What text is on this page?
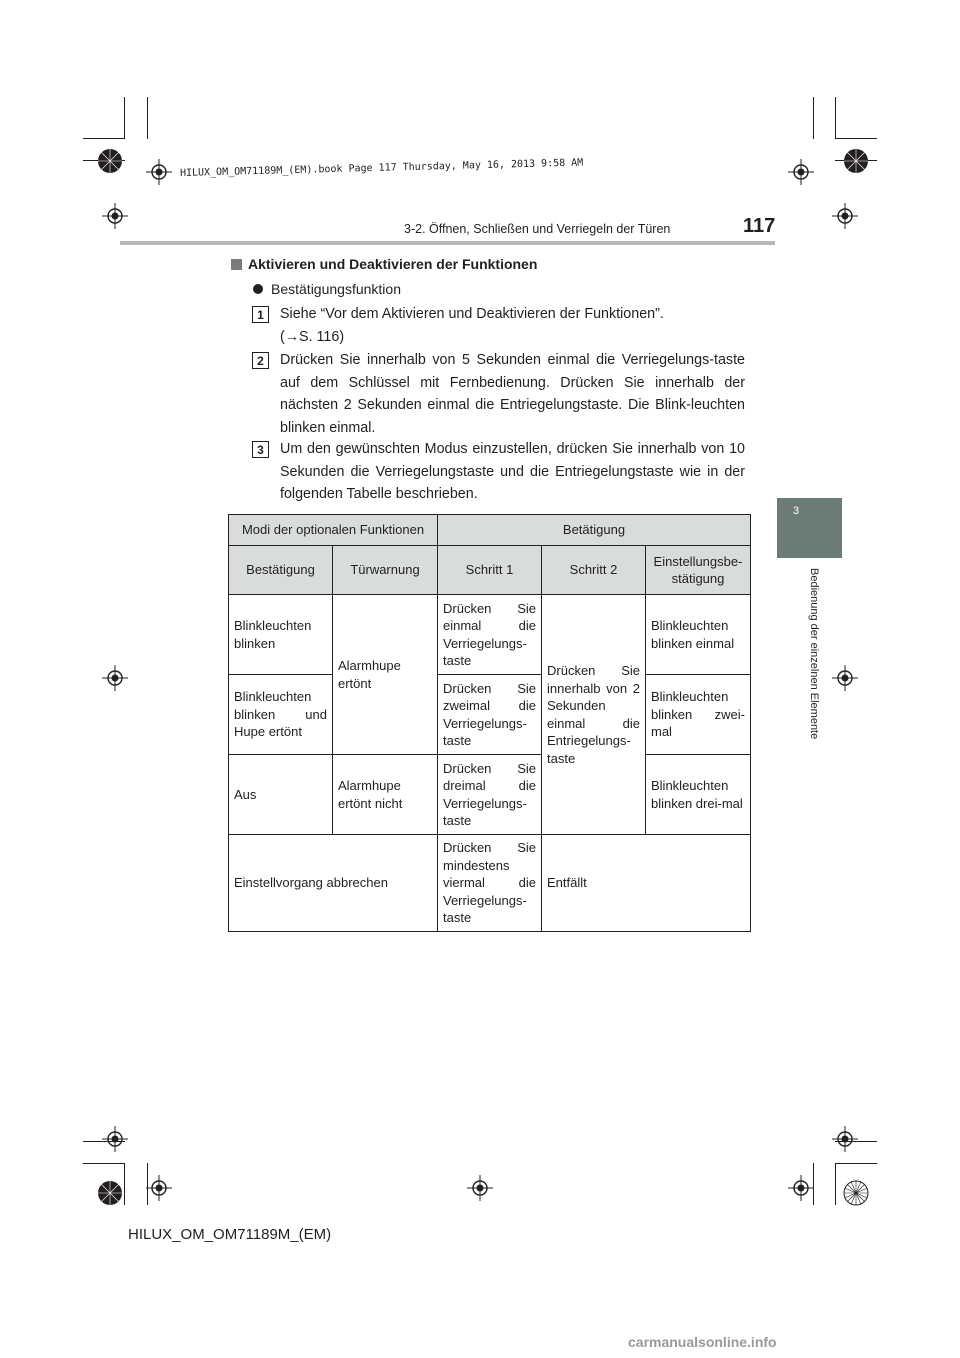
HILUX_OM_OM71189M_(EM).book Page 117 Thursday, May 16, 2013 9:58 AM
3-2. Öffnen, Schließen und Verriegeln der Türen	117
3
Bedienung der einzelnen Elemente
Aktivieren und Deaktivieren der Funktionen
Bestätigungsfunktion
1	Siehe “Vor dem Aktivieren und Deaktivieren der Funktionen”.
(→S. 116)
2	Drücken Sie innerhalb von 5 Sekunden einmal die Verriegelungs-taste auf dem Schlüssel mit Fernbedienung. Drücken Sie innerhalb der nächsten 2 Sekunden einmal die Entriegelungstaste. Die Blink-leuchten blinken einmal.
3	Um den gewünschten Modus einzustellen, drücken Sie innerhalb von 10 Sekunden die Verriegelungstaste und die Entriegelungstaste wie in der folgenden Tabelle beschrieben.
Modi der optionalen Funktionen		Betätigung		
Bestätigung	Türwarnung	Schritt 1	Schritt 2	Einstellungsbe-stätigung
Blinkleuchten blinken	Alarmhupe ertönt	Drücken Sie einmal die Verriegelungs-taste	Drücken Sie innerhalb von 2 Sekunden einmal die Entriegelungs-taste	Blinkleuchten blinken einmal
Blinkleuchten blinken und Hupe ertönt		Drücken Sie zweimal die Verriegelungs-taste		Blinkleuchten blinken zwei-mal
Aus	Alarmhupe ertönt nicht	Drücken Sie dreimal die Verriegelungs-taste		Blinkleuchten blinken drei-mal
Einstellvorgang abbrechen		Drücken Sie mindestens viermal die Verriegelungs-taste	Entfällt	
HILUX_OM_OM71189M_(EM)
carmanualsonline.info
